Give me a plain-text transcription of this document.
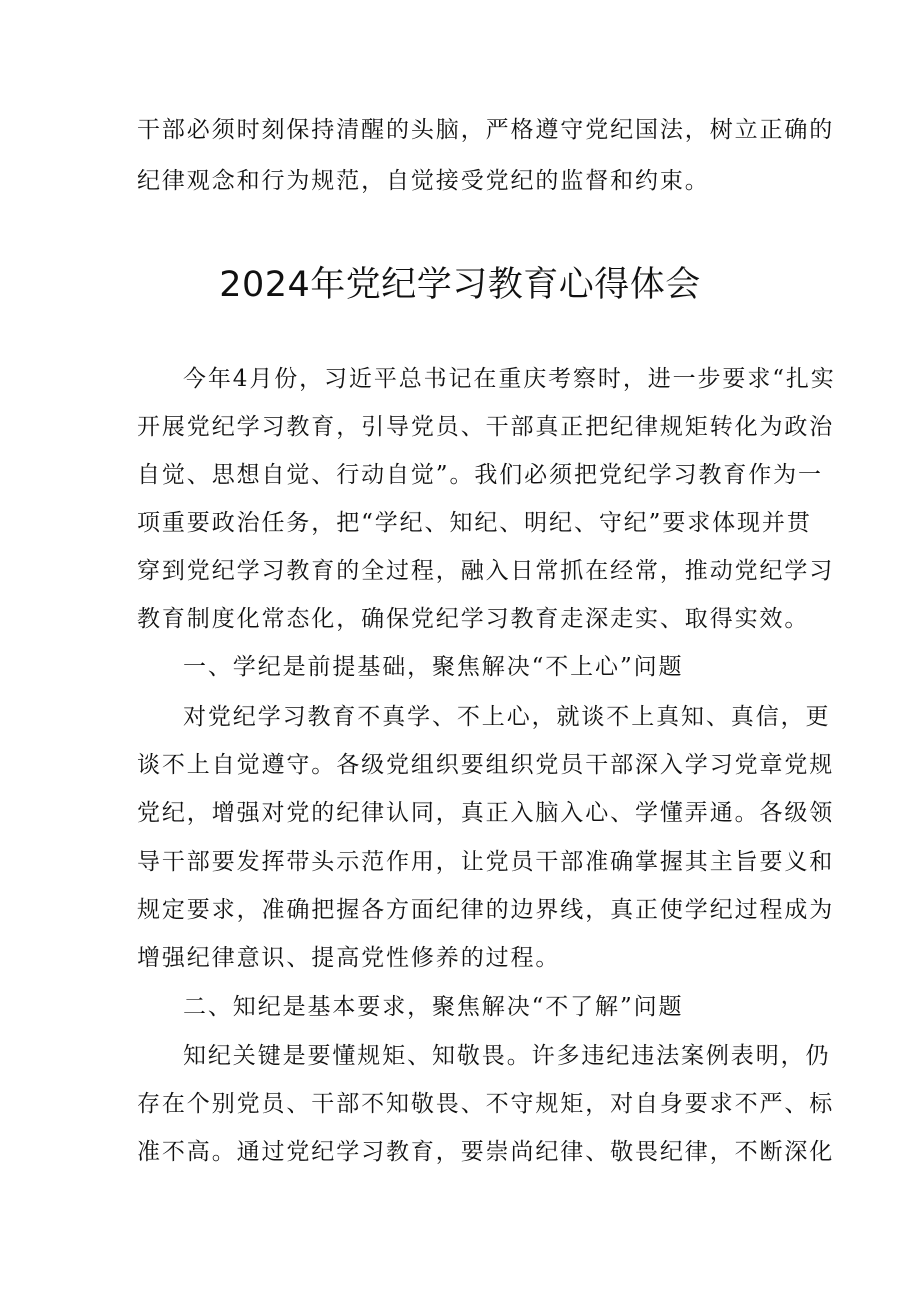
干部必须时刻保持清醒的头脑，严格遵守党纪国法，树立正确的
纪律观念和行为规范，自觉接受党纪的监督和约束。
2024年党纪学习教育心得体会
今年4月份，习近平总书记在重庆考察时，进一步要求“扎实
开展党纪学习教育，引导党员、干部真正把纪律规矩转化为政治
自觉、思想自觉、行动自觉”。我们必须把党纪学习教育作为一
项重要政治任务，把“学纪、知纪、明纪、守纪”要求体现并贯
穿到党纪学习教育的全过程，融入日常抓在经常，推动党纪学习
教育制度化常态化，确保党纪学习教育走深走实、取得实效。
一、学纪是前提基础，聚焦解决“不上心”问题
对党纪学习教育不真学、不上心，就谈不上真知、真信，更
谈不上自觉遵守。各级党组织要组织党员干部深入学习党章党规
党纪，增强对党的纪律认同，真正入脑入心、学懂弄通。各级领
导干部要发挥带头示范作用，让党员干部准确掌握其主旨要义和
规定要求，准确把握各方面纪律的边界线，真正使学纪过程成为
增强纪律意识、提高党性修养的过程。
二、知纪是基本要求，聚焦解决“不了解”问题
知纪关键是要懂规矩、知敬畏。许多违纪违法案例表明，仍
存在个别党员、干部不知敬畏、不守规矩，对自身要求不严、标
准不高。通过党纪学习教育，要崇尚纪律、敬畏纪律，不断深化
